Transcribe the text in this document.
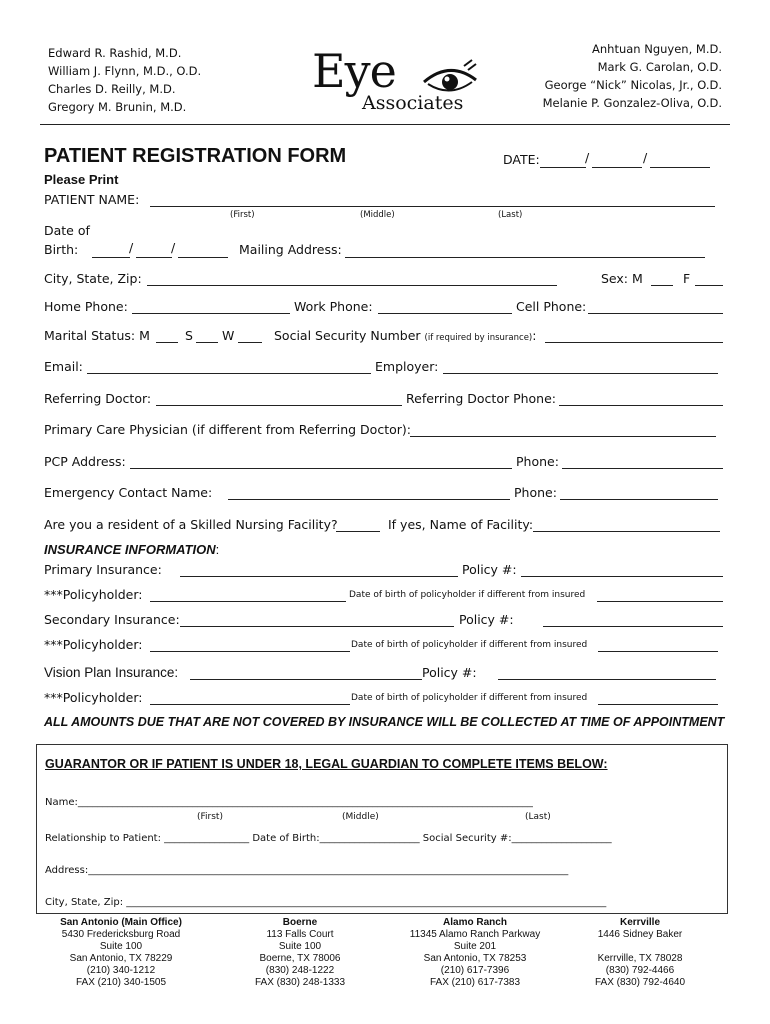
Edward R. Rashid, M.D.
William J. Flynn, M.D., O.D.
Charles D. Reilly, M.D.
Gregory M. Brunin, M.D.
Eye
Associates
Anhtuan Nguyen, M.D.
Mark G. Carolan, O.D.
George “Nick” Nicolas, Jr., O.D.
Melanie P. Gonzalez-Oliva, O.D.
PATIENT REGISTRATION FORM	DATE:	/	/
Please Print
PATIENT NAME:
(First)	(Middle)	(Last)
Date of
Birth:	/	/	Mailing Address:
City, State, Zip:	Sex: M	F
Home Phone:	Work Phone:	Cell Phone:
Marital Status: M	S W	Social Security Number (if required by insurance):
Email:	Employer:
Referring Doctor:	Referring Doctor Phone:
Primary Care Physician (if different from Referring Doctor):
PCP Address:	Phone:
Emergency Contact Name:	Phone:
Are you a resident of a Skilled Nursing Facility?	If yes, Name of Facility:
INSURANCE INFORMATION:
Primary Insurance:	Policy #:
***Policyholder:	Date of birth of policyholder if different from insured
Secondary Insurance:	Policy #:
***Policyholder:	Date of birth of policyholder if different from insured
Vision Plan Insurance:	Policy #:
***Policyholder:	Date of birth of policyholder if different from insured
ALL AMOUNTS DUE THAT ARE NOT COVERED BY INSURANCE WILL BE COLLECTED AT TIME OF APPOINTMENT
GUARANTOR OR IF PATIENT IS UNDER 18, LEGAL GUARDIAN TO COMPLETE ITEMS BELOW:
Name:___________________________________________________________________________________________
(First)	(Middle)	(Last)
Relationship to Patient: _________________ Date of Birth:____________________ Social Security #:____________________
Address:________________________________________________________________________________________________
City, State, Zip: ________________________________________________________________________________________________
San Antonio (Main Office)
5430 Fredericksburg Road
Suite 100
San Antonio, TX 78229
(210) 340-1212
FAX (210) 340-1505
Boerne
113 Falls Court
Suite 100
Boerne, TX 78006
(830) 248-1222
FAX (830) 248-1333
Alamo Ranch
11345 Alamo Ranch Parkway
Suite 201
San Antonio, TX 78253
(210) 617-7396
FAX (210) 617-7383
Kerrville
1446 Sidney Baker
Kerrville, TX 78028
(830) 792-4466
FAX (830) 792-4640
